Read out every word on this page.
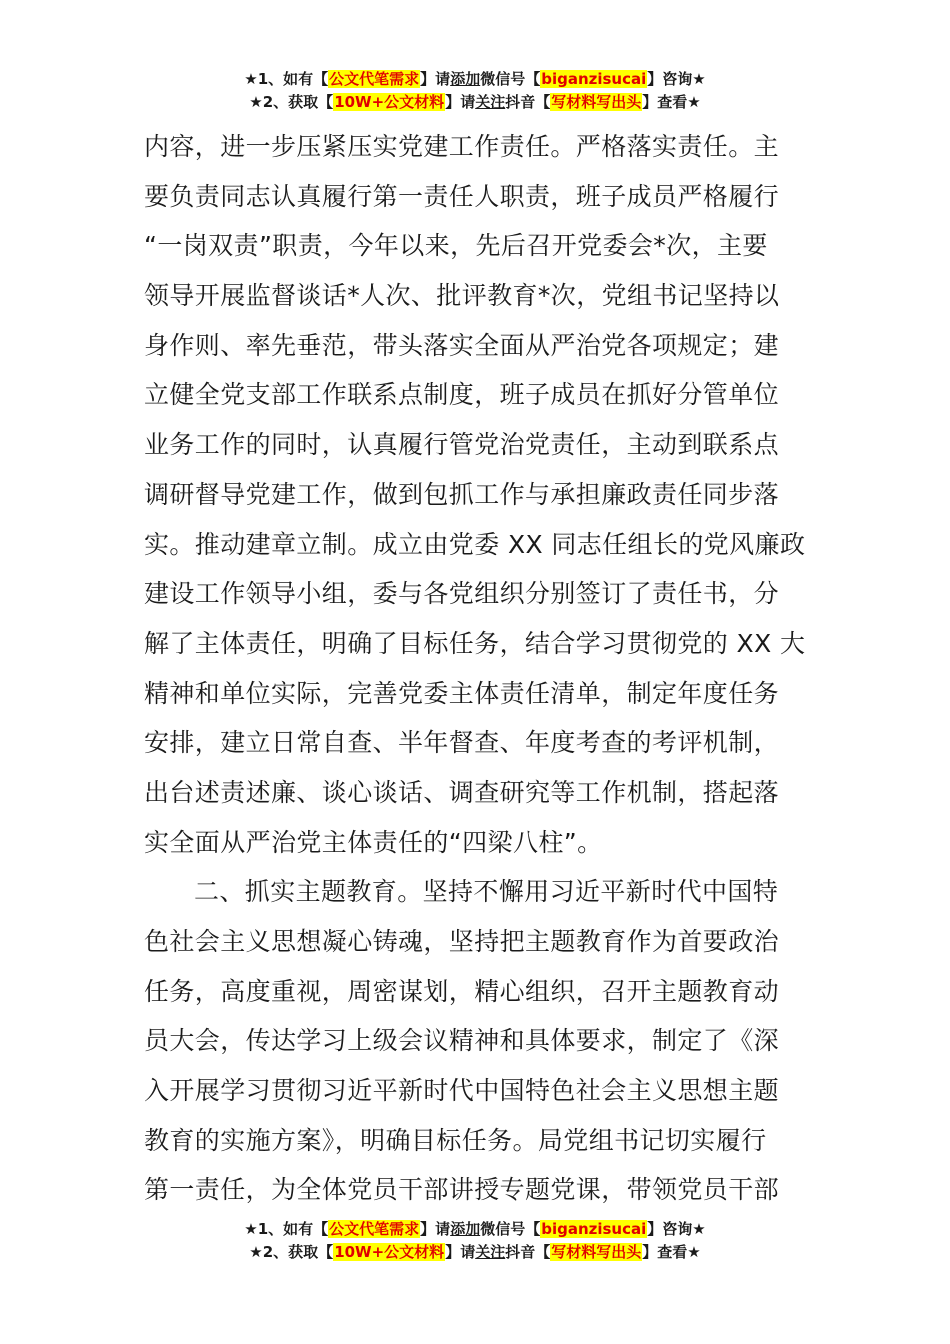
★1、如有【公文代笔需求】请添加微信号【biganzisucai】咨询★
★2、获取【10W+公文材料】请关注抖音【写材料写出头】查看★
内容，进一步压紧压实党建工作责任。严格落实责任。主
要负责同志认真履行第一责任人职责，班子成员严格履行
“一岗双责”职责，今年以来，先后召开党委会*次，主要
领导开展监督谈话*人次、批评教育*次，党组书记坚持以
身作则、率先垂范，带头落实全面从严治党各项规定；建
立健全党支部工作联系点制度，班子成员在抓好分管单位
业务工作的同时，认真履行管党治党责任，主动到联系点
调研督导党建工作，做到包抓工作与承担廉政责任同步落
实。推动建章立制。成立由党委 XX 同志任组长的党风廉政
建设工作领导小组，委与各党组织分别签订了责任书，分
解了主体责任，明确了目标任务，结合学习贯彻党的 XX 大
精神和单位实际，完善党委主体责任清单，制定年度任务
安排，建立日常自查、半年督查、年度考查的考评机制，
出台述责述廉、谈心谈话、调查研究等工作机制，搭起落
实全面从严治党主体责任的“四梁八柱”。
二、抓实主题教育。坚持不懈用习近平新时代中国特
色社会主义思想凝心铸魂，坚持把主题教育作为首要政治
任务，高度重视，周密谋划，精心组织，召开主题教育动
员大会，传达学习上级会议精神和具体要求，制定了《深
入开展学习贯彻习近平新时代中国特色社会主义思想主题
教育的实施方案》，明确目标任务。局党组书记切实履行
第一责任，为全体党员干部讲授专题党课，带领党员干部
★1、如有【公文代笔需求】请添加微信号【biganzisucai】咨询★
★2、获取【10W+公文材料】请关注抖音【写材料写出头】查看★
